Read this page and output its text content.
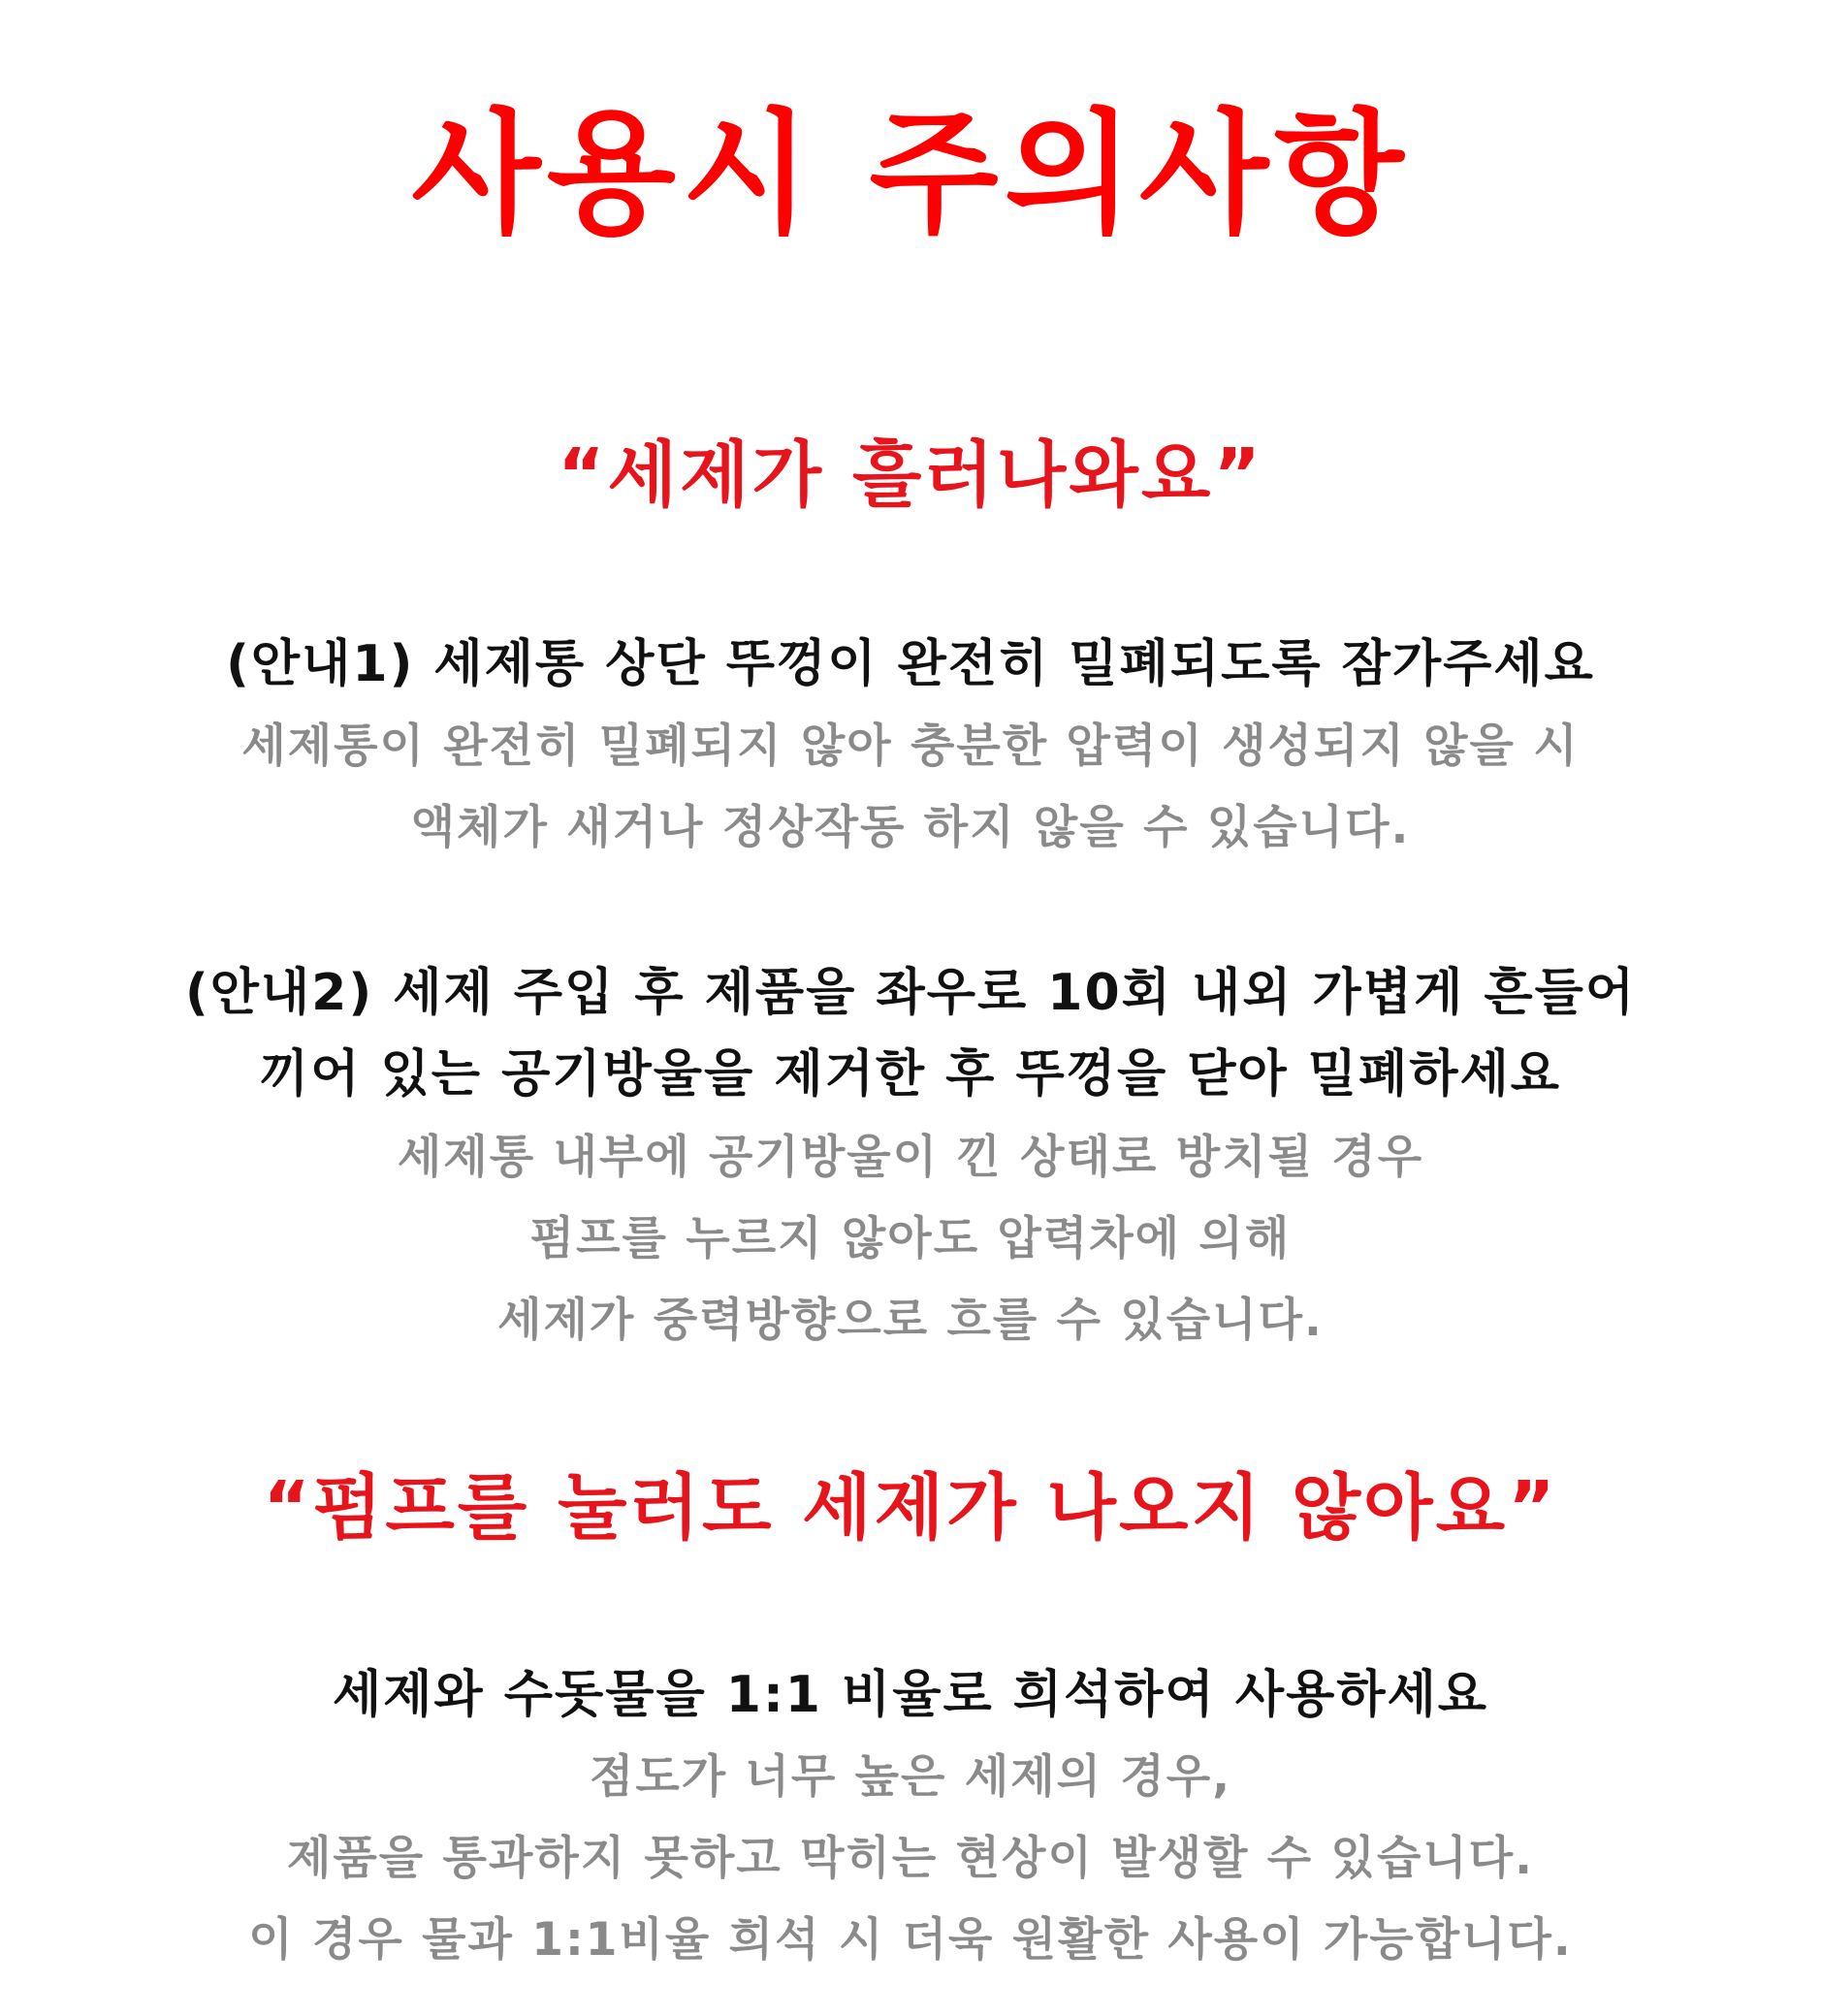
사용시 주의사항
“세제가 흘러나와요”
(안내1) 세제통 상단 뚜껑이 완전히 밀폐되도록 잠가주세요
세제통이 완전히 밀폐되지 않아 충분한 압력이 생성되지 않을 시
액체가 새거나 정상작동 하지 않을 수 있습니다.
(안내2) 세제 주입 후 제품을 좌우로 10회 내외 가볍게 흔들어
끼어 있는 공기방울을 제거한 후 뚜껑을 닫아 밀폐하세요
세제통 내부에 공기방울이 낀 상태로 방치될 경우
펌프를 누르지 않아도 압력차에 의해
세제가 중력방향으로 흐를 수 있습니다.
“펌프를 눌러도 세제가 나오지 않아요”
세제와 수돗물을 1:1 비율로 희석하여 사용하세요
점도가 너무 높은 세제의 경우,
제품을 통과하지 못하고 막히는 현상이 발생할 수 있습니다.
이 경우 물과 1:1비율 희석 시 더욱 원활한 사용이 가능합니다.
